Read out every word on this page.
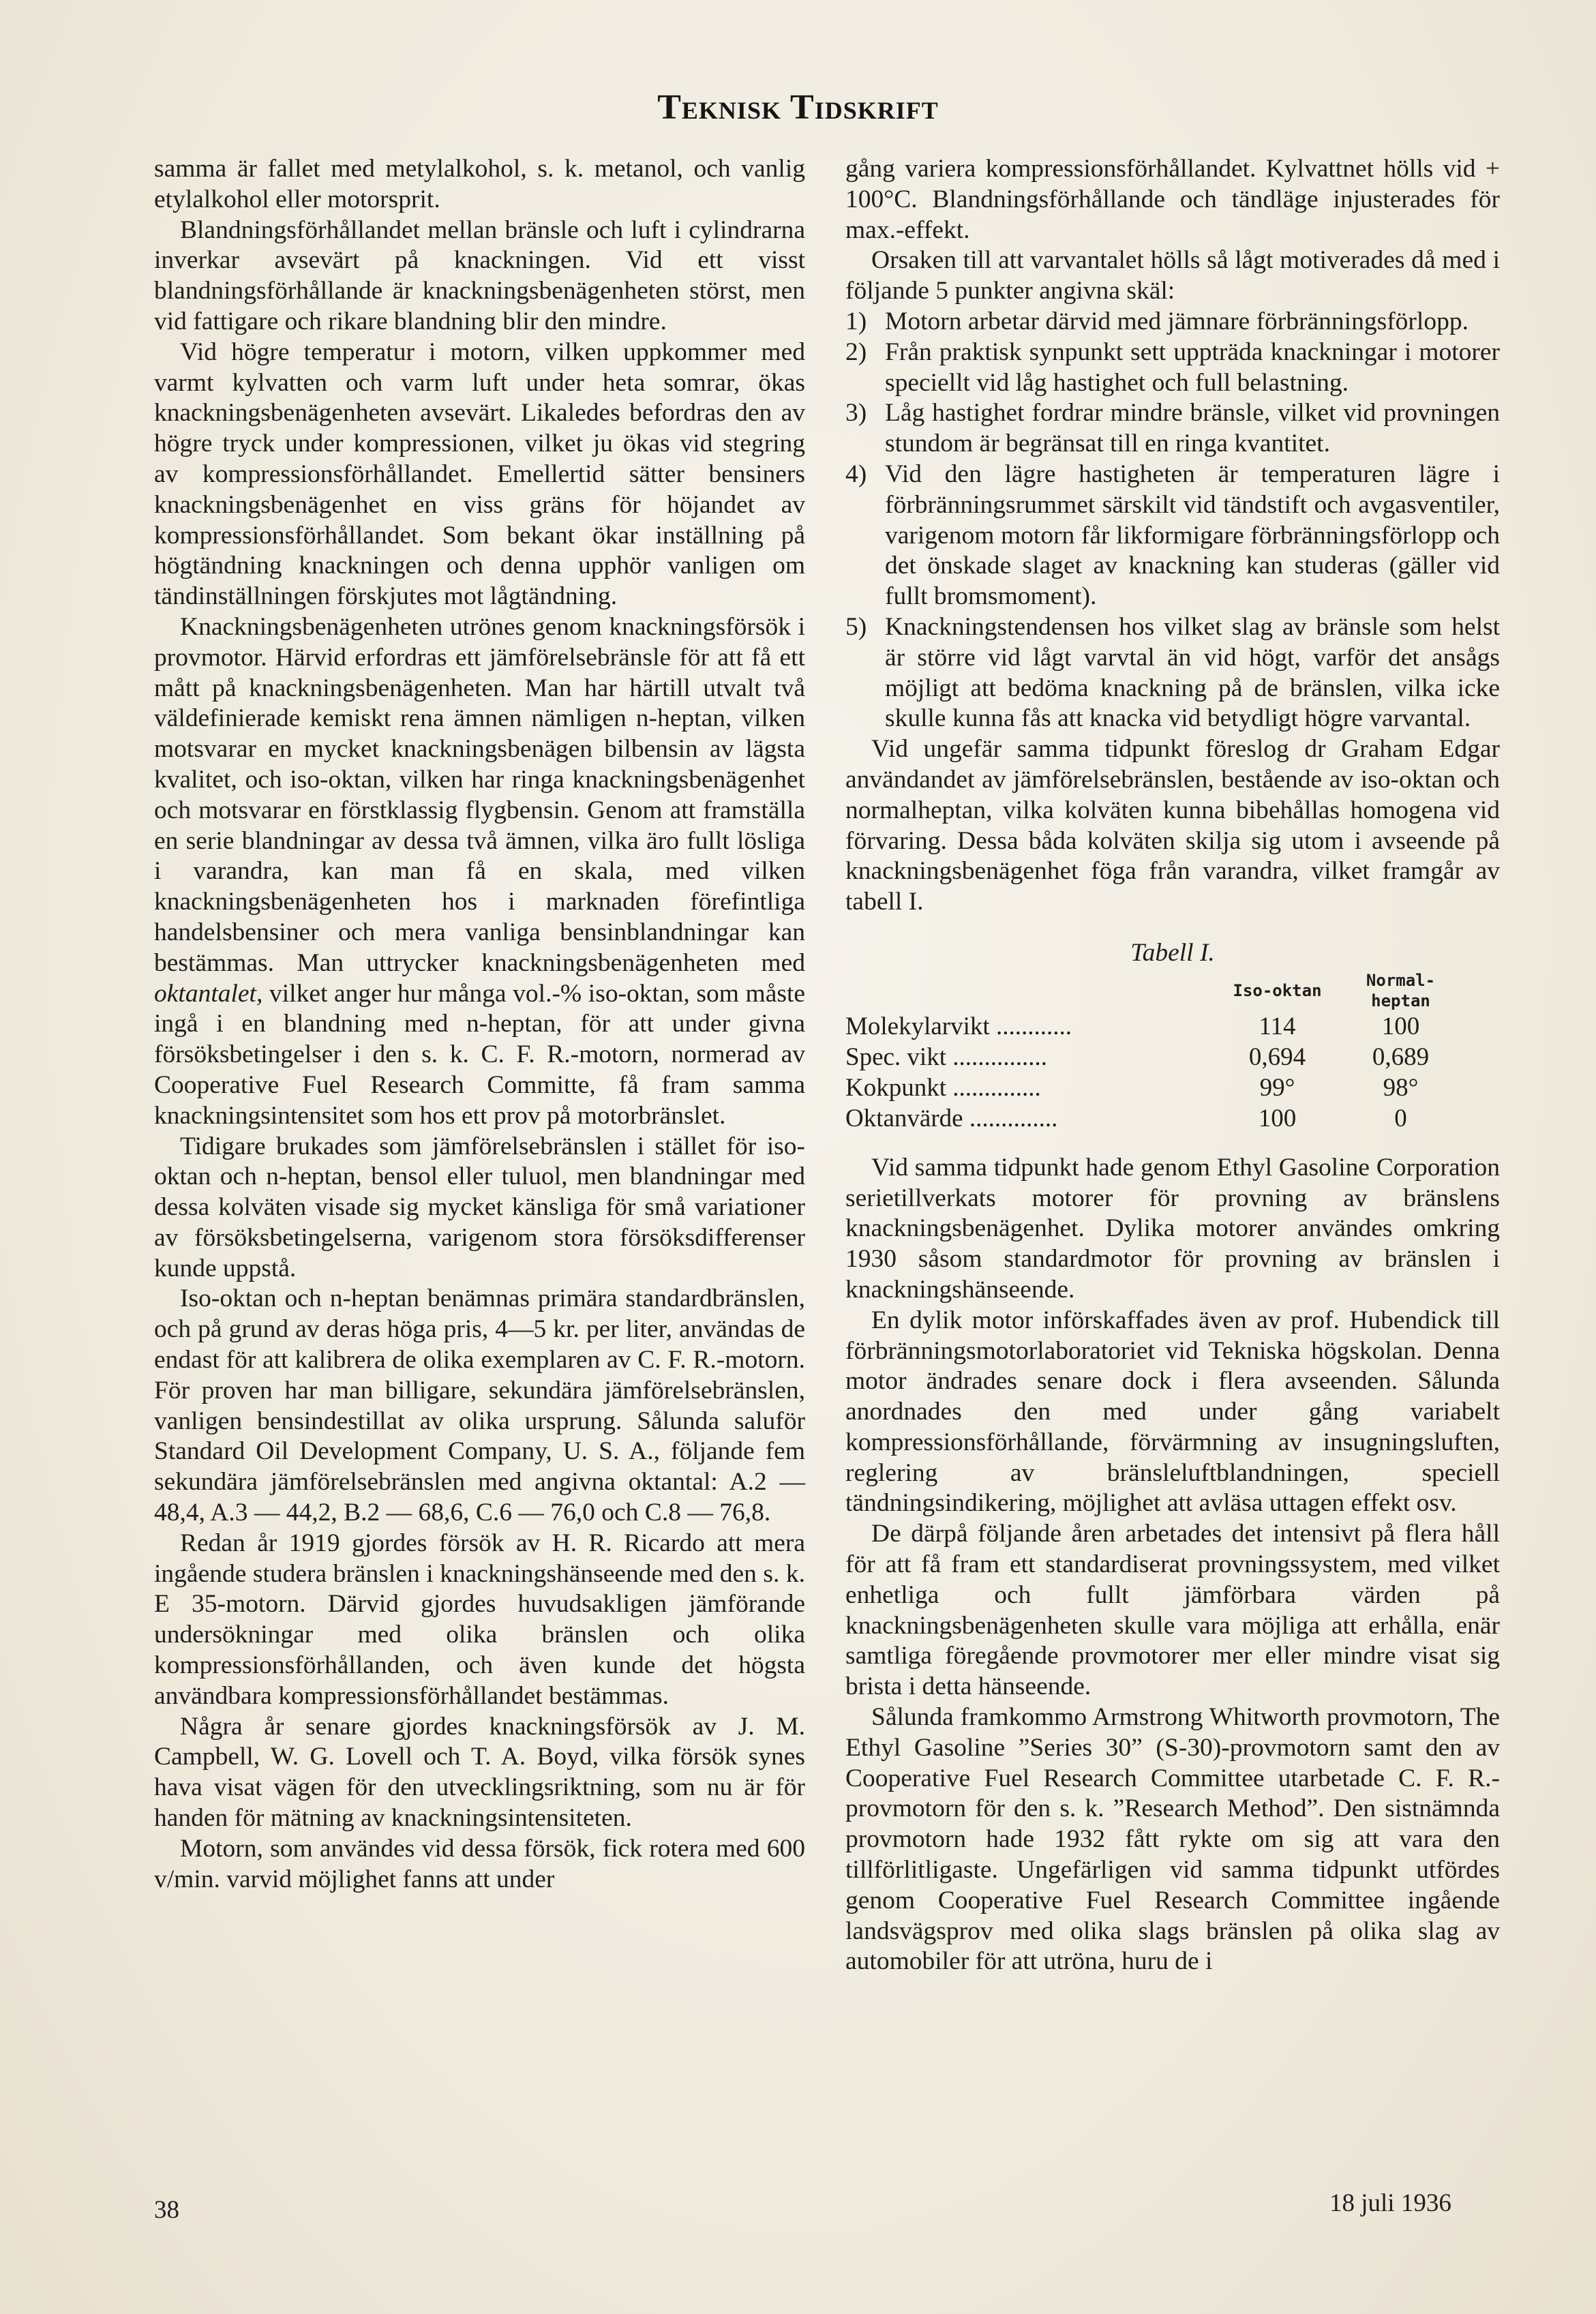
Teknisk Tidskrift

samma är fallet med metylalkohol, s. k. metanol, och vanlig etylalkohol eller motorsprit.

Blandningsförhållandet mellan bränsle och luft i cylindrarna inverkar avsevärt på knackningen. Vid ett visst blandningsförhållande är knackningsbenägenheten störst, men vid fattigare och rikare blandning blir den mindre.

Vid högre temperatur i motorn, vilken uppkommer med varmt kylvatten och varm luft under heta somrar, ökas knackningsbenägenheten avsevärt. Likaledes befordras den av högre tryck under kompressionen, vilket ju ökas vid stegring av kompressionsförhållandet. Emellertid sätter bensiners knackningsbenägenhet en viss gräns för höjandet av kompressionsförhållandet. Som bekant ökar inställning på högtändning knackningen och denna upphör vanligen om tändinställningen förskjutes mot lågtändning.

Knackningsbenägenheten utrönes genom knackningsförsök i provmotor. Härvid erfordras ett jämförelsebränsle för att få ett mått på knackningsbenägenheten. Man har härtill utvalt två väldefinierade kemiskt rena ämnen nämligen n-heptan, vilken motsvarar en mycket knackningsbenägen bilbensin av lägsta kvalitet, och iso-oktan, vilken har ringa knackningsbenägenhet och motsvarar en förstklassig flygbensin. Genom att framställa en serie blandningar av dessa två ämnen, vilka äro fullt lösliga i varandra, kan man få en skala, med vilken knackningsbenägenheten hos i marknaden förefintliga handelsbensiner och mera vanliga bensinblandningar kan bestämmas. Man uttrycker knackningsbenägenheten med oktantalet, vilket anger hur många vol.-% iso-oktan, som måste ingå i en blandning med n-heptan, för att under givna försöksbetingelser i den s. k. C. F. R.-motorn, normerad av Cooperative Fuel Research Committe, få fram samma knackningsintensitet som hos ett prov på motorbränslet.

Tidigare brukades som jämförelsebränslen i stället för iso-oktan och n-heptan, bensol eller tuluol, men blandningar med dessa kolväten visade sig mycket känsliga för små variationer av försöksbetingelserna, varigenom stora försöksdifferenser kunde uppstå.

Iso-oktan och n-heptan benämnas primära standardbränslen, och på grund av deras höga pris, 4—5 kr. per liter, användas de endast för att kalibrera de olika exemplaren av C. F. R.-motorn. För proven har man billigare, sekundära jämförelsebränslen, vanligen bensindestillat av olika ursprung. Sålunda saluför Standard Oil Development Company, U. S. A., följande fem sekundära jämförelsebränslen med angivna oktantal: A.2 — 48,4, A.3 — 44,2, B.2 — 68,6, C.6 — 76,0 och C.8 — 76,8.

Redan år 1919 gjordes försök av H. R. Ricardo att mera ingående studera bränslen i knackningshänseende med den s. k. E 35-motorn. Därvid gjordes huvudsakligen jämförande undersökningar med olika bränslen och olika kompressionsförhållanden, och även kunde det högsta användbara kompressionsförhållandet bestämmas.

Några år senare gjordes knackningsförsök av J. M. Campbell, W. G. Lovell och T. A. Boyd, vilka försök synes hava visat vägen för den utvecklingsriktning, som nu är för handen för mätning av knackningsintensiteten.

Motorn, som användes vid dessa försök, fick rotera med 600 v/min. varvid möjlighet fanns att under

gång variera kompressionsförhållandet. Kylvattnet hölls vid + 100°C. Blandningsförhållande och tändläge injusterades för max.-effekt.

Orsaken till att varvantalet hölls så lågt motiverades då med i följande 5 punkter angivna skäl:

1) Motorn arbetar därvid med jämnare förbränningsförlopp.
2) Från praktisk synpunkt sett uppträda knackningar i motorer speciellt vid låg hastighet och full belastning.
3) Låg hastighet fordrar mindre bränsle, vilket vid provningen stundom är begränsat till en ringa kvantitet.
4) Vid den lägre hastigheten är temperaturen lägre i förbränningsrummet särskilt vid tändstift och avgasventiler, varigenom motorn får likformigare förbränningsförlopp och det önskade slaget av knackning kan studeras (gäller vid fullt bromsmoment).
5) Knackningstendensen hos vilket slag av bränsle som helst är större vid lågt varvtal än vid högt, varför det ansågs möjligt att bedöma knackning på de bränslen, vilka icke skulle kunna fås att knacka vid betydligt högre varvantal.

Vid ungefär samma tidpunkt föreslog dr Graham Edgar användandet av jämförelsebränslen, bestående av iso-oktan och normalheptan, vilka kolväten kunna bibehållas homogena vid förvaring. Dessa båda kolväten skilja sig utom i avseende på knackningsbenägenhet föga från varandra, vilket framgår av tabell I.

Tabell I.
	Iso-oktan	Normal-heptan
Molekylarvikt ............	114	100
Spec. vikt ...............	0,694	0,689
Kokpunkt ..............	99°	98°
Oktanvärde ..............	100	0

Vid samma tidpunkt hade genom Ethyl Gasoline Corporation serietillverkats motorer för provning av bränslens knackningsbenägenhet. Dylika motorer användes omkring 1930 såsom standardmotor för provning av bränslen i knackningshänseende.

En dylik motor införskaffades även av prof. Hubendick till förbränningsmotorlaboratoriet vid Tekniska högskolan. Denna motor ändrades senare dock i flera avseenden. Sålunda anordnades den med under gång variabelt kompressionsförhållande, förvärmning av insugningsluften, reglering av bränsleluftblandningen, speciell tändningsindikering, möjlighet att avläsa uttagen effekt osv.

De därpå följande åren arbetades det intensivt på flera håll för att få fram ett standardiserat provningssystem, med vilket enhetliga och fullt jämförbara värden på knackningsbenägenheten skulle vara möjliga att erhålla, enär samtliga föregående provmotorer mer eller mindre visat sig brista i detta hänseende.

Sålunda framkommo Armstrong Whitworth provmotorn, The Ethyl Gasoline ”Series 30” (S-30)-provmotorn samt den av Cooperative Fuel Research Committee utarbetade C. F. R.-provmotorn för den s. k. ”Research Method”. Den sistnämnda provmotorn hade 1932 fått rykte om sig att vara den tillförlitligaste. Ungefärligen vid samma tidpunkt utfördes genom Cooperative Fuel Research Committee ingående landsvägsprov med olika slags bränslen på olika slag av automobiler för att utröna, huru de i

38	18 juli 1936
